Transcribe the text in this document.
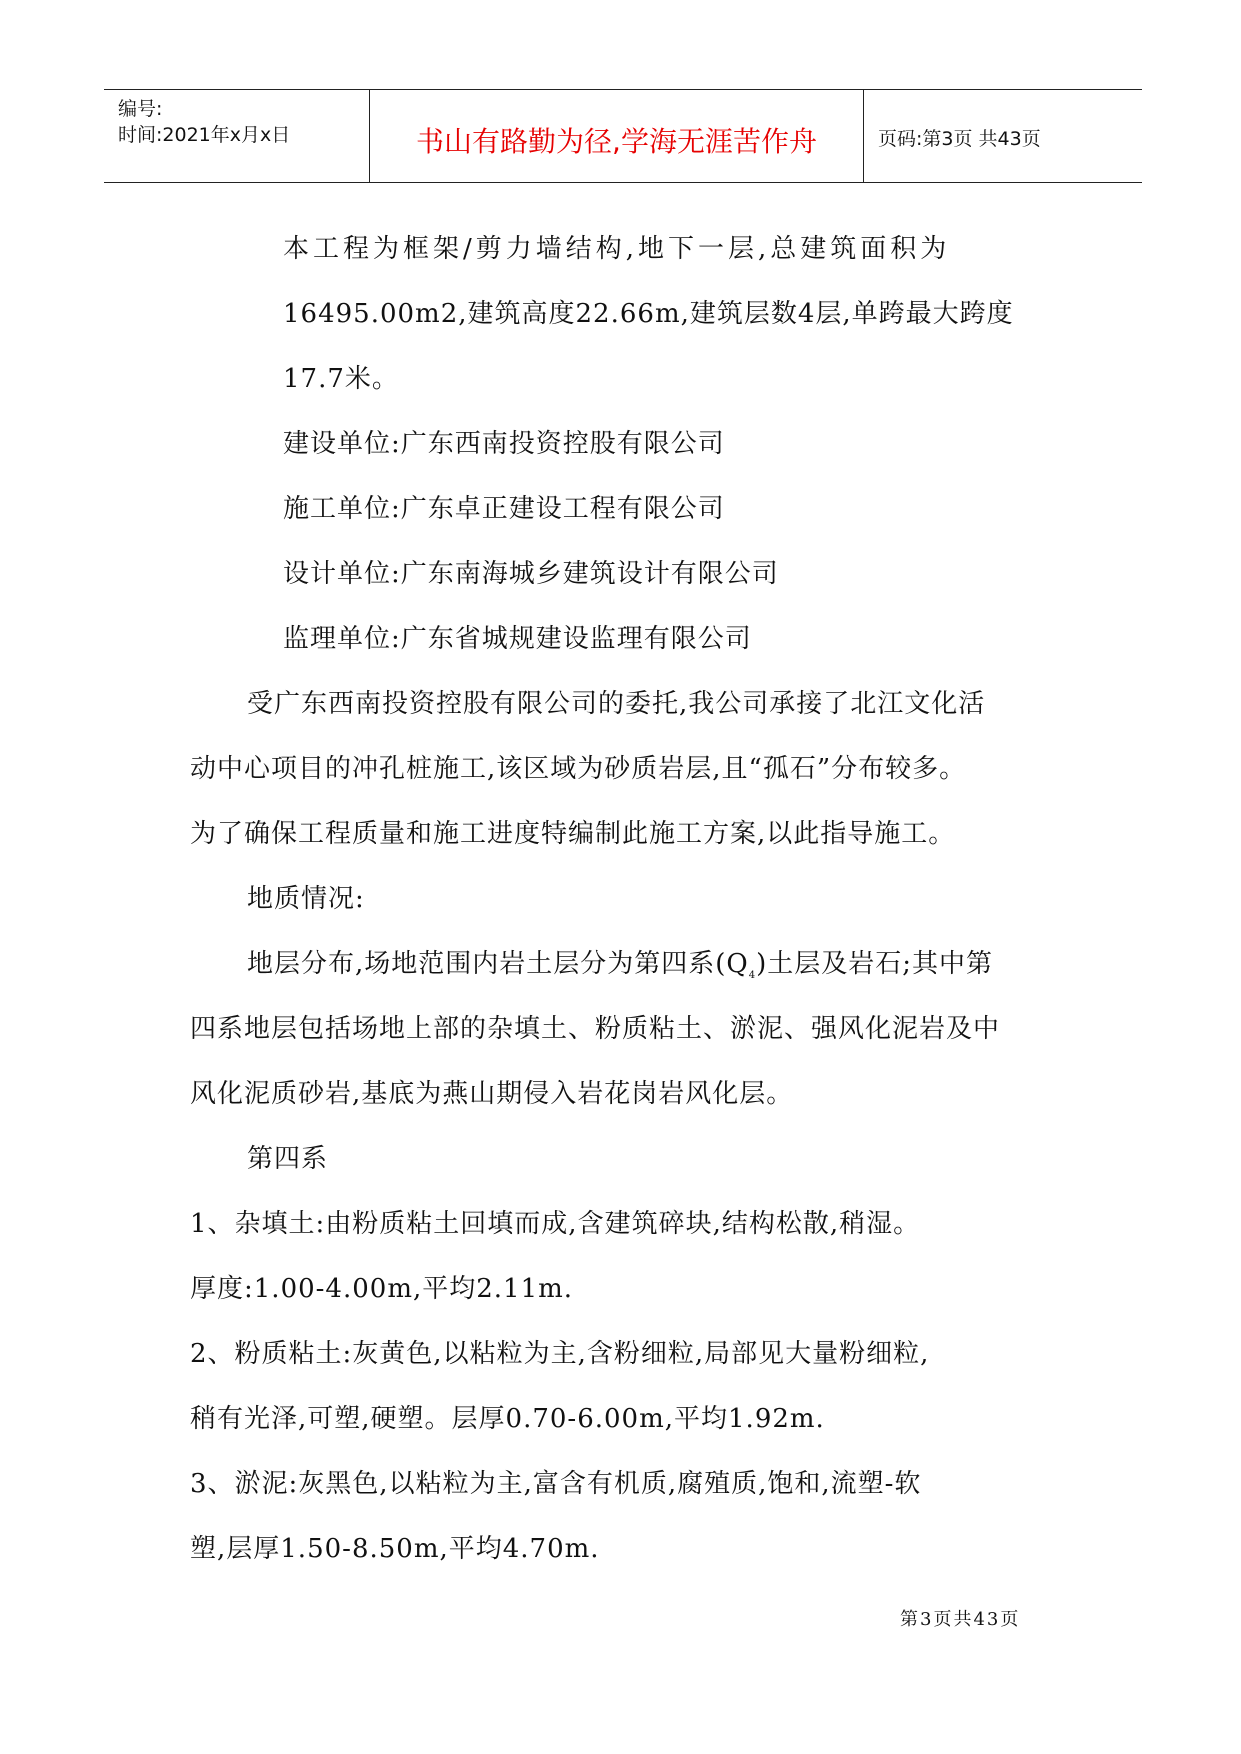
编号:
时间:2021年x月x日	书山有路勤为径,学海无涯苦作舟	页码:第3页 共43页
本工程为框架/剪力墙结构,地下一层,总建筑面积为
16495.00m2,建筑高度22.66m,建筑层数4层,单跨最大跨度
17.7米。
建设单位:广东西南投资控股有限公司
施工单位:广东卓正建设工程有限公司
设计单位:广东南海城乡建筑设计有限公司
监理单位:广东省城规建设监理有限公司
受广东西南投资控股有限公司的委托,我公司承接了北江文化活
动中心项目的冲孔桩施工,该区域为砂质岩层,且“孤石”分布较多。
为了确保工程质量和施工进度特编制此施工方案,以此指导施工。
地质情况:
地层分布,场地范围内岩土层分为第四系$(Q_4)$土层及岩石;其中第
四系地层包括场地上部的杂填土、粉质粘土、淤泥、强风化泥岩及中
风化泥质砂岩,基底为燕山期侵入岩花岗岩风化层。
第四系
1、杂填土:由粉质粘土回填而成,含建筑碎块,结构松散,稍湿。
厚度:1.00-4.00m,平均2.11m.
2、粉质粘土:灰黄色,以粘粒为主,含粉细粒,局部见大量粉细粒,
稍有光泽,可塑,硬塑。层厚0.70-6.00m,平均1.92m.
3、淤泥:灰黑色,以粘粒为主,富含有机质,腐殖质,饱和,流塑-软
塑,层厚1.50-8.50m,平均4.70m.
第3页共43页
